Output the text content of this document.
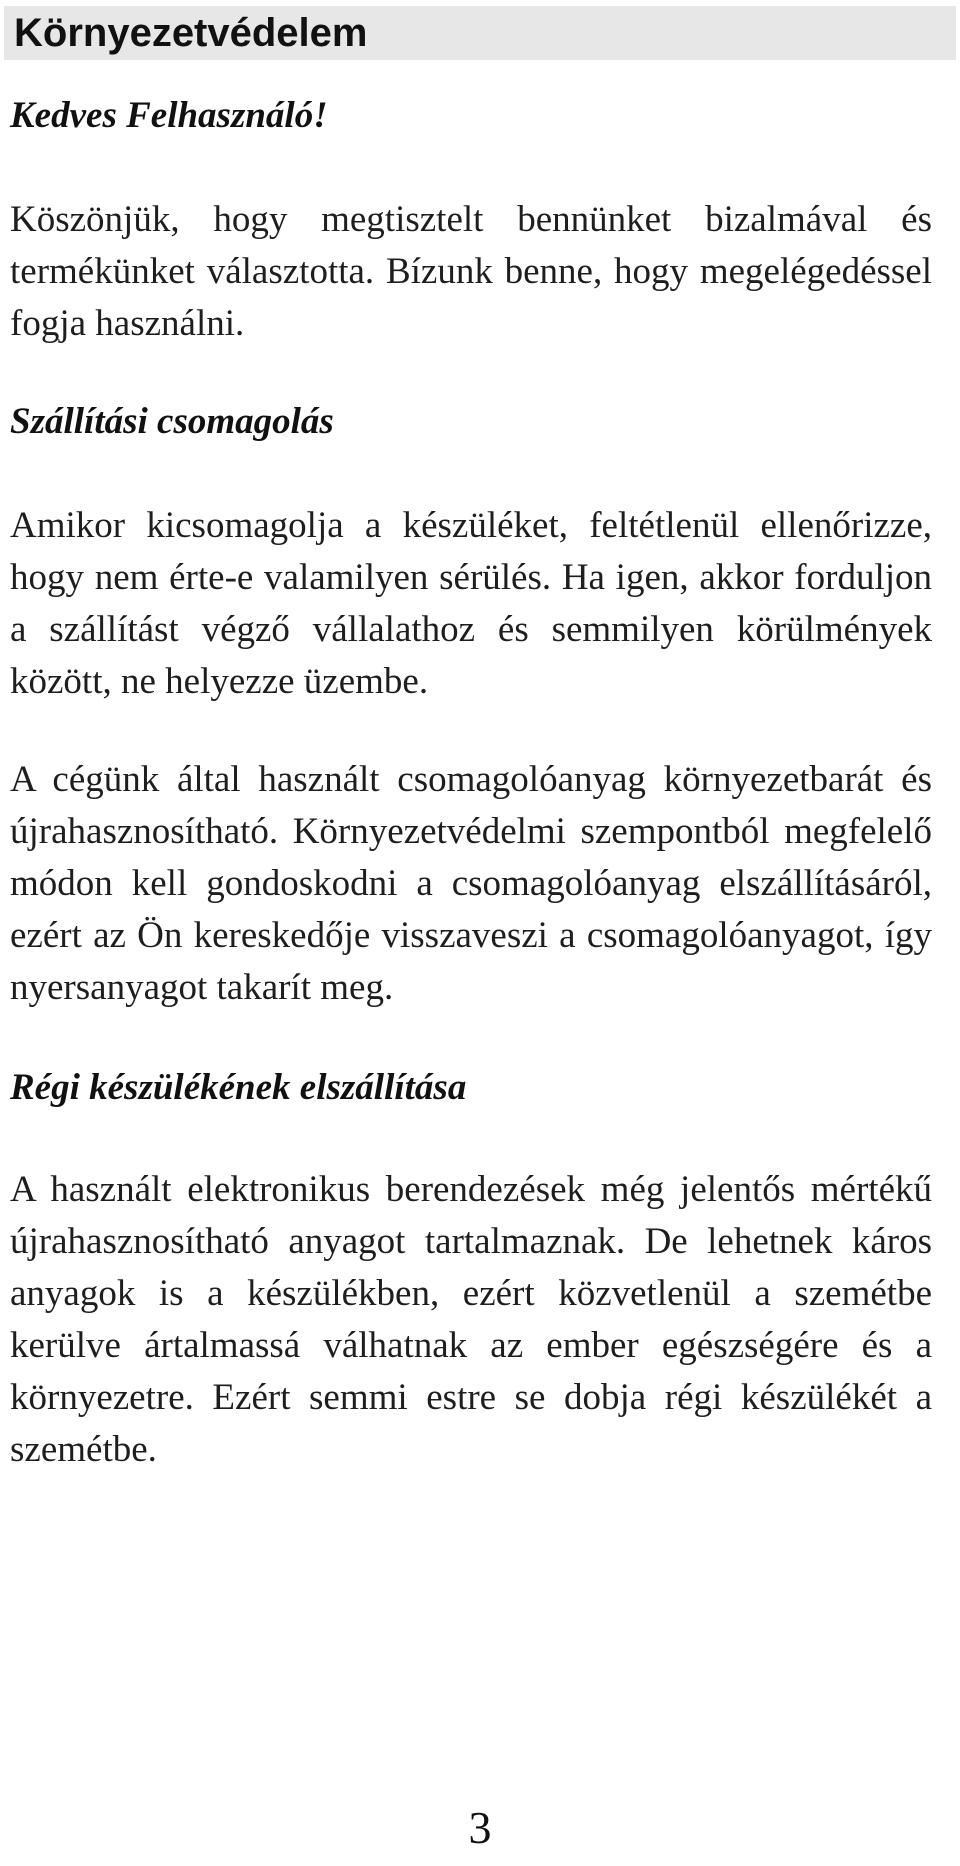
Környezetvédelem
Kedves Felhasználó!

Köszönjük, hogy megtisztelt bennünket bizalmával és termékünket választotta. Bízunk benne, hogy megelégedéssel fogja használni.

Szállítási csomagolás

Amikor kicsomagolja a készüléket, feltétlenül ellenőrizze, hogy nem érte-e valamilyen sérülés. Ha igen, akkor forduljon a szállítást végző vállalathoz és semmilyen körülmények között, ne helyezze üzembe.

A cégünk által használt csomagolóanyag környezetbarát és újrahasznosítható. Környezetvédelmi szempontból megfelelő módon kell gondoskodni a csomagolóanyag elszállításáról, ezért az Ön kereskedője visszaveszi a csomagolóanyagot, így nyersanyagot takarít meg.

Régi készülékének elszállítása

A használt elektronikus berendezések még jelentős mértékű újrahasznosítható anyagot tartalmaznak. De lehetnek káros anyagok is a készülékben, ezért közvetlenül a szemétbe kerülve ártalmassá válhatnak az ember egészségére és a környezetre. Ezért semmi estre se dobja régi készülékét a szemétbe.

3
